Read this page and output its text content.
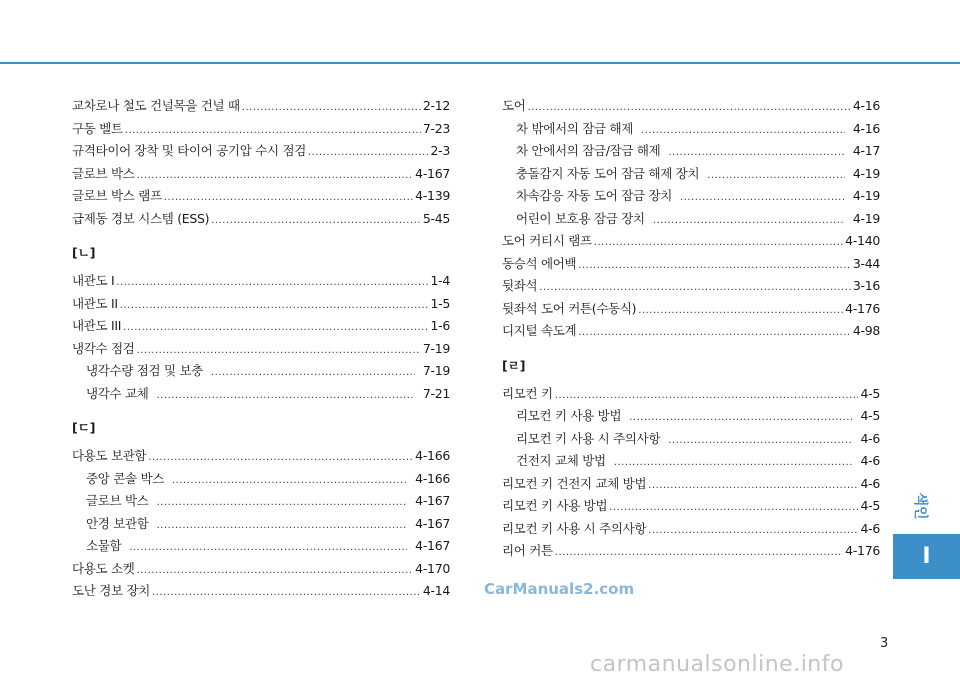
교차로나 철도 건널목을 건널 때 .....	2-12
구동 벨트 .....	7-23
규격타이어 장착 및 타이어 공기압 수시 점검 .....	2-3
글로브 박스 .....	4-167
글로브 박스 램프 .....	4-139
급제동 경보 시스템 (ESS) .....	5-45
[ㄴ]
내관도 I .....	1-4
내관도 II .....	1-5
내관도 III .....	1-6
냉각수 점검 .....	7-19
냉각수량 점검 및 보충 .....	7-19
냉각수 교체 .....	7-21
[ㄷ]
다용도 보관함 .....	4-166
중앙 콘솔 박스 .....	4-166
글로브 박스 .....	4-167
안경 보관함 .....	4-167
소물함 .....	4-167
다용도 소켓 .....	4-170
도난 경보 장치 .....	4-14
도어 .....	4-16
차 밖에서의 잠금 해제 .....	4-16
차 안에서의 잠금/잠금 해제 .....	4-17
충돌감지 자동 도어 잠금 해제 장치 .....	4-19
차속감응 자동 도어 잠금 장치 .....	4-19
어린이 보호용 잠금 장치 .....	4-19
도어 커티시 램프 .....	4-140
동승석 에어백 .....	3-44
뒷좌석 .....	3-16
뒷좌석 도어 커튼(수동식) .....	4-176
디지털 속도계 .....	4-98
[ㄹ]
리모컨 키 .....	4-5
리모컨 키 사용 방법 .....	4-5
리모컨 키 사용 시 주의사항 .....	4-6
건전지 교체 방법 .....	4-6
리모컨 키 건전지 교체 방법 .....	4-6
리모컨 키 사용 방법 .....	4-5
리모컨 키 사용 시 주의사항 .....	4-6
리어 커튼 .....	4-176
색인
I
3
CarManuals2.com
carmanualsonline.info
